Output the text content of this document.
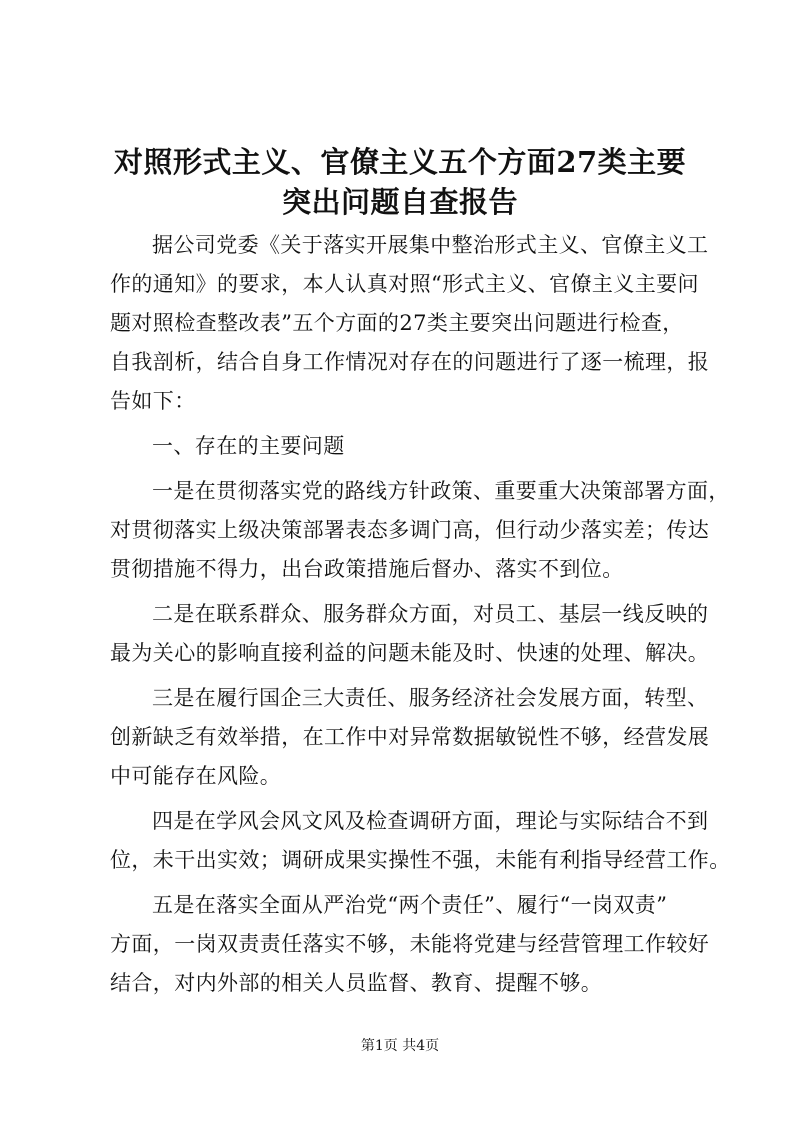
对照形式主义、官僚主义五个方面27类主要
突出问题自查报告
据公司党委《关于落实开展集中整治形式主义、官僚主义工
作的通知》的要求，本人认真对照“形式主义、官僚主义主要问
题对照检查整改表”五个方面的27类主要突出问题进行检查，
自我剖析，结合自身工作情况对存在的问题进行了逐一梳理，报
告如下：
一、存在的主要问题
一是在贯彻落实党的路线方针政策、重要重大决策部署方面，
对贯彻落实上级决策部署表态多调门高，但行动少落实差；传达
贯彻措施不得力，出台政策措施后督办、落实不到位。
二是在联系群众、服务群众方面，对员工、基层一线反映的
最为关心的影响直接利益的问题未能及时、快速的处理、解决。
三是在履行国企三大责任、服务经济社会发展方面，转型、
创新缺乏有效举措，在工作中对异常数据敏锐性不够，经营发展
中可能存在风险。
四是在学风会风文风及检查调研方面，理论与实际结合不到
位，未干出实效；调研成果实操性不强，未能有利指导经营工作。
五是在落实全面从严治党“两个责任”、履行“一岗双责”
方面，一岗双责责任落实不够，未能将党建与经营管理工作较好
结合，对内外部的相关人员监督、教育、提醒不够。
第1页 共4页
